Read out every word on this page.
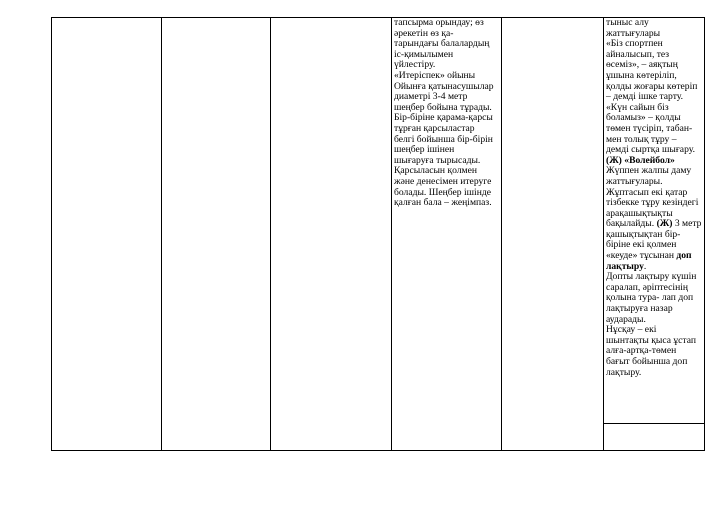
тапсырма орындау; өз
әрекетін өз қа-
тарындағы балалардың
іс-қимылымен
үйлестіру.
«Итеріспек» ойыны
Ойынға қатынасушылар
диаметрі 3-4 метр
шеңбер бойына тұрады.
Бір-біріне қарама-қарсы
тұрған қарсыластар
белгі бойынша бір-бірін
шеңбер ішінен
шығаруға тырысады.
Қарсыласын қолмен
және денесімен итеруге
болады. Шеңбер ішінде
қалған бала – жеңімпаз.
тыныс алу
жаттығулары
«Біз спортпен
айналысып, тез
өсеміз», – аяқтың
ұшына көтеріліп,
қолды жоғары көтеріп
– демді ішке тарту.
«Күн сайын біз
боламыз» – қолды
төмен түсіріп, табан-
мен толық тұру –
демді сыртқа шығару.
(Ж) «Волейбол»
Жүппен жалпы даму
жаттығулары.
Жұптасып екі қатар
тізбекке тұру кезіндегі
арақашықтықты
бақылайды. (Ж) 3 метр
қашықтықтан бір-
біріне екі қолмен
«кеуде» тұсынан доп
лақтыру.
Допты лақтыру күшін
саралап, әріптесінің
қолына тура- лап доп
лақтыруға назар
аударады.
Нұсқау – екі
шынтақты қыса ұстап
алға-артқа-төмен
бағыт бойынша доп
лақтыру.
